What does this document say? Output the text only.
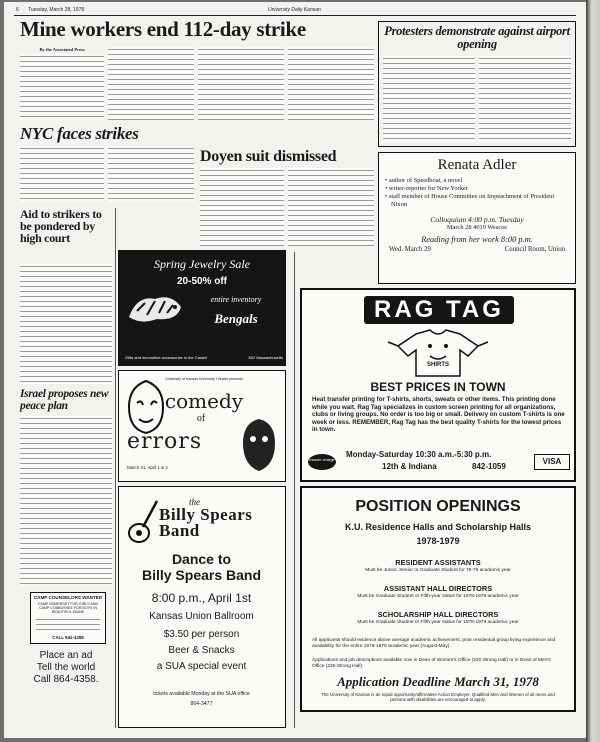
6 Tuesday, March 28, 1978	University Daily Kansan
Mine workers end 112-day strike
By the Associated Press
NYC faces strikes
Doyen suit dismissed
Aid to strikers to be pondered by high court
Israel proposes new peace plan
CAMP COUNSELORS WANTED
CAMP SOMERSET FOR GIRLS AND CAMP COBBOSSEE FOR BOYS IN BEAUTIFUL MAINE
CALL 842-4358
Place an ad
Tell the world
Call 864-4358.
Spring Jewelry Sale
20-50% off
entire inventory
Bengals
Gifts and decorative accessories in the Castell	802 Massachusetts
University of Kansas University Theatre presents
comedy
of
errors
March 31, April 1 & 2
the
Billy Spears Band
Dance to
Billy Spears Band
8:00 p.m., April 1st
Kansas Union Ballroom
$3.50 per person
Beer & Snacks
a SUA special event
tickets available Monday at the SUA office
864-3477
Protesters demonstrate against airport opening
Renata Adler
• author of Speedboat, a novel
• writer-reporter for New Yorker
• staff member of House Committee on Impeachment of President Nixon
Colloquium 4:00 p.m. Tuesday
March 28 4019 Wescoe
Reading from her work 8:00 p.m.
Wed. March 29	Council Room, Union
RAG TAG
SHIRTS
BEST PRICES IN TOWN
Heat transfer printing for T-shirts, shorts, sweats or other items. This printing done while you wait. Rag Tag specializes in custom screen printing for all organizations, clubs or living groups. No order is too big or small. Delivery on custom T-shirts is one week or less. REMEMBER, Rag Tag has the best quality T-shirts for the lowest prices in town.
master charge
Monday-Saturday 10:30 a.m.-5:30 p.m.
12th & Indiana	842-1059
VISA
POSITION OPENINGS
K.U. Residence Halls and Scholarship Halls
1978-1979
RESIDENT ASSISTANTS
Must be Junior, Senior or Graduate Student for 78-79 academic year
ASSISTANT HALL DIRECTORS
Must be Graduate Student or Fifth-year status for 1978-1979 academic year
SCHOLARSHIP HALL DIRECTORS
Must be Graduate Student or Fifth-year status for 1978-1979 academic year
All applicants should evidence above average academic achievement, prior residential group living experience and availability for the entire 1978-1979 academic year (August-May).
Applications and job descriptions available now in Dean of Women's Office (220 Strong Hall) or in Dean of Men's Office (226 Strong Hall).
Application Deadline March 31, 1978
The University of Kansas is an equal opportunity/affirmative Action Employer. Qualified Men and Women of all races and persons with disabilities are encouraged to apply.
